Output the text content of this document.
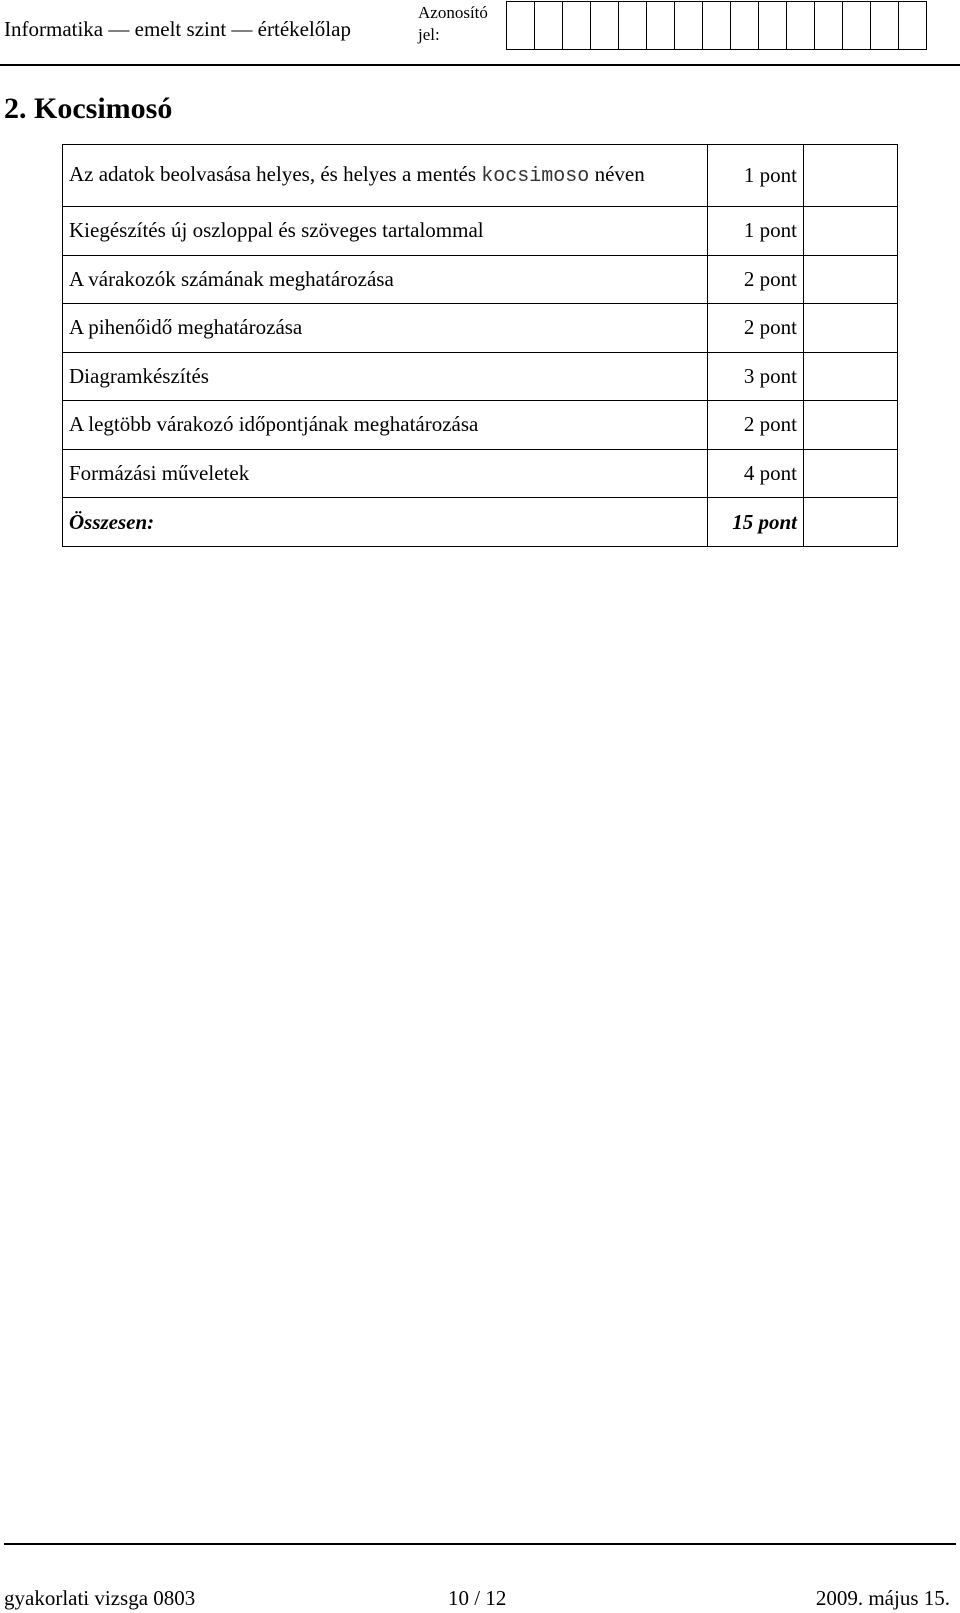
Informatika — emelt szint — értékelőlap
Azonosító
jel:
2. Kocsimosó
Az adatok beolvasása helyes, és helyes a mentés kocsimoso néven	1 pont	
Kiegészítés új oszloppal és szöveges tartalommal	1 pont	
A várakozók számának meghatározása	2 pont	
A pihenőidő meghatározása	2 pont	
Diagramkészítés	3 pont	
A legtöbb várakozó időpontjának meghatározása	2 pont	
Formázási műveletek	4 pont	
Összesen:	15 pont	
gyakorlati vizsga 0803	10 / 12	2009. május 15.
